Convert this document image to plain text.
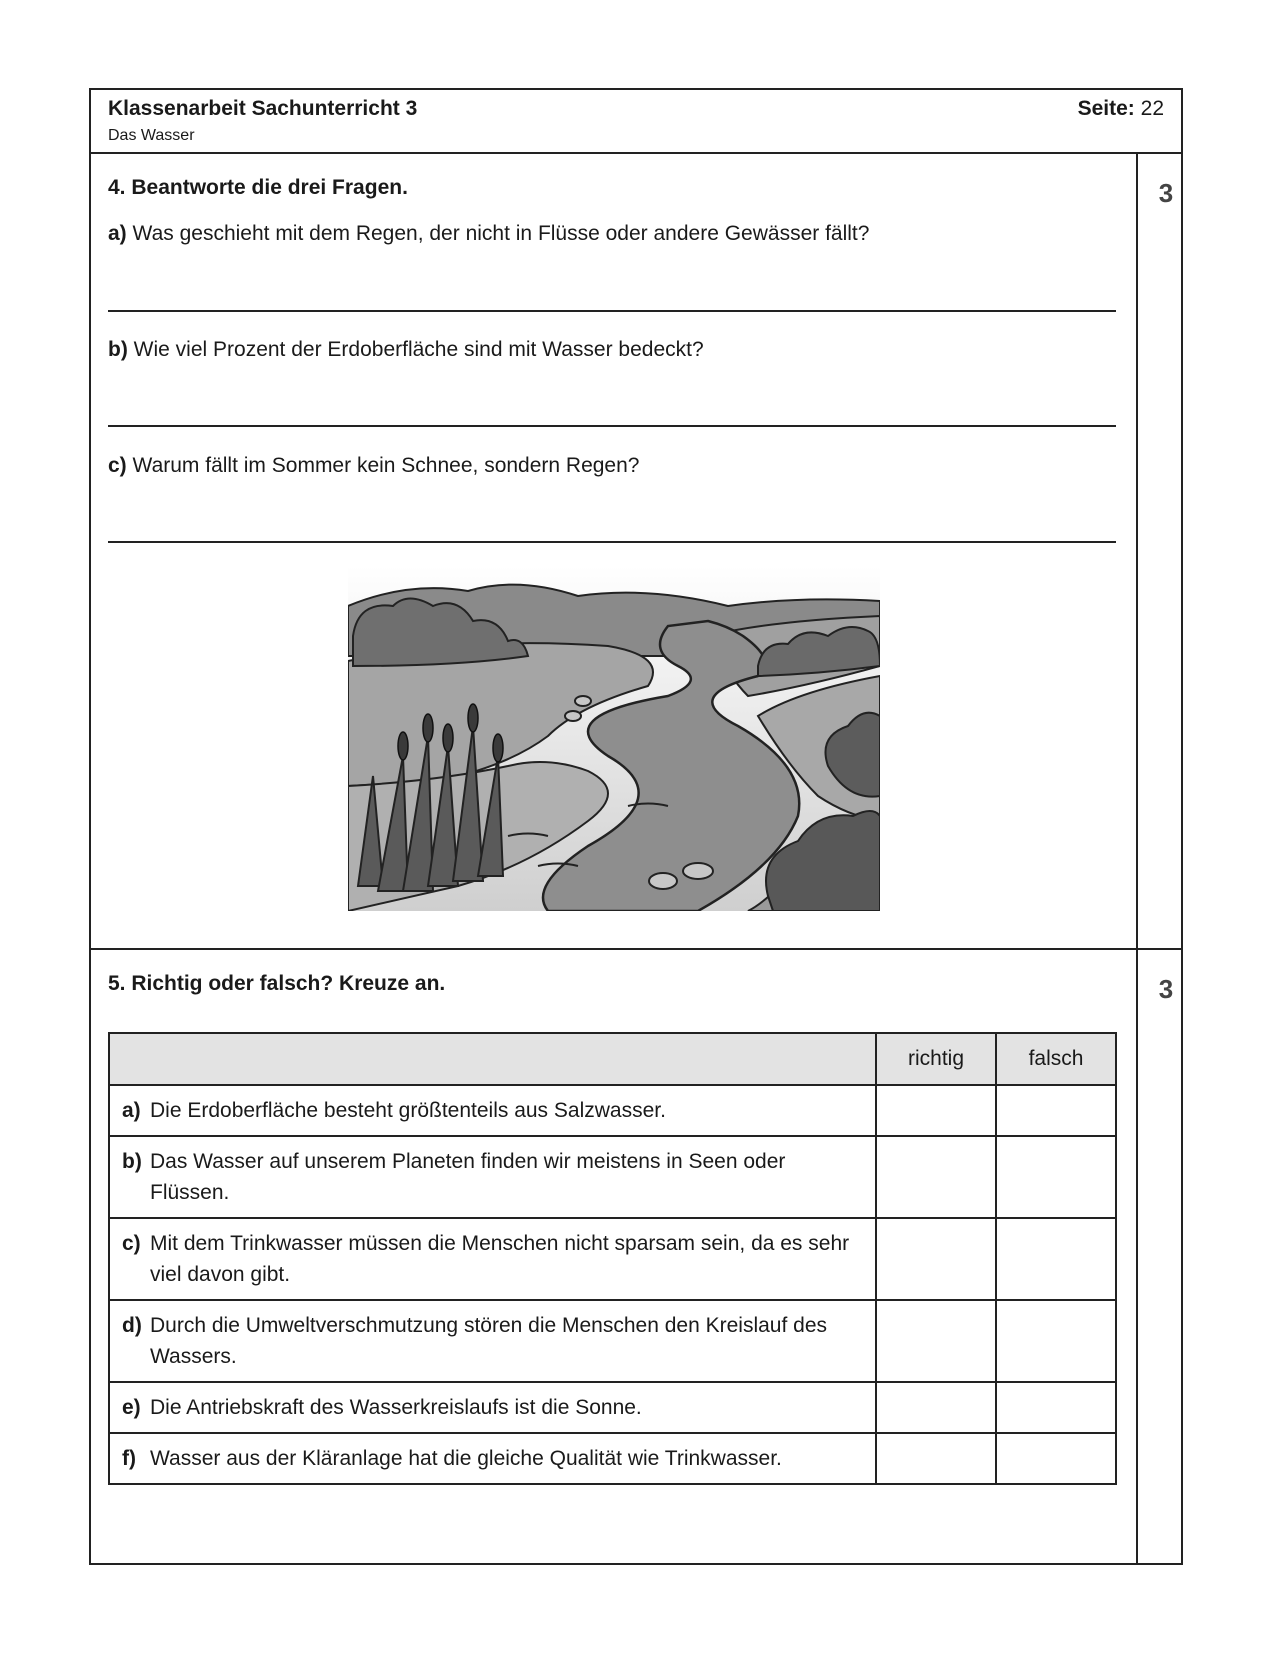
Klassenarbeit Sachunterricht 3
Das Wasser
Seite: 22
4. Beantworte die drei Fragen.	3
a) Was geschieht mit dem Regen, der nicht in Flüsse oder andere Gewässer fällt?
b) Wie viel Prozent der Erdoberfläche sind mit Wasser bedeckt?
c) Warum fällt im Sommer kein Schnee, sondern Regen?
5. Richtig oder falsch? Kreuze an.	3
	richtig	falsch

a) Die Erdoberfläche besteht größtenteils aus Salzwasser.		

b) Das Wasser auf unserem Planeten finden wir meistens in Seen oder Flüssen.		

c) Mit dem Trinkwasser müssen die Menschen nicht sparsam sein, da es sehr viel davon gibt.		

d) Durch die Umweltverschmutzung stören die Menschen den Kreislauf des Wassers.		

e) Die Antriebskraft des Wasserkreislaufs ist die Sonne.		

f) Wasser aus der Kläranlage hat die gleiche Qualität wie Trinkwasser.		
